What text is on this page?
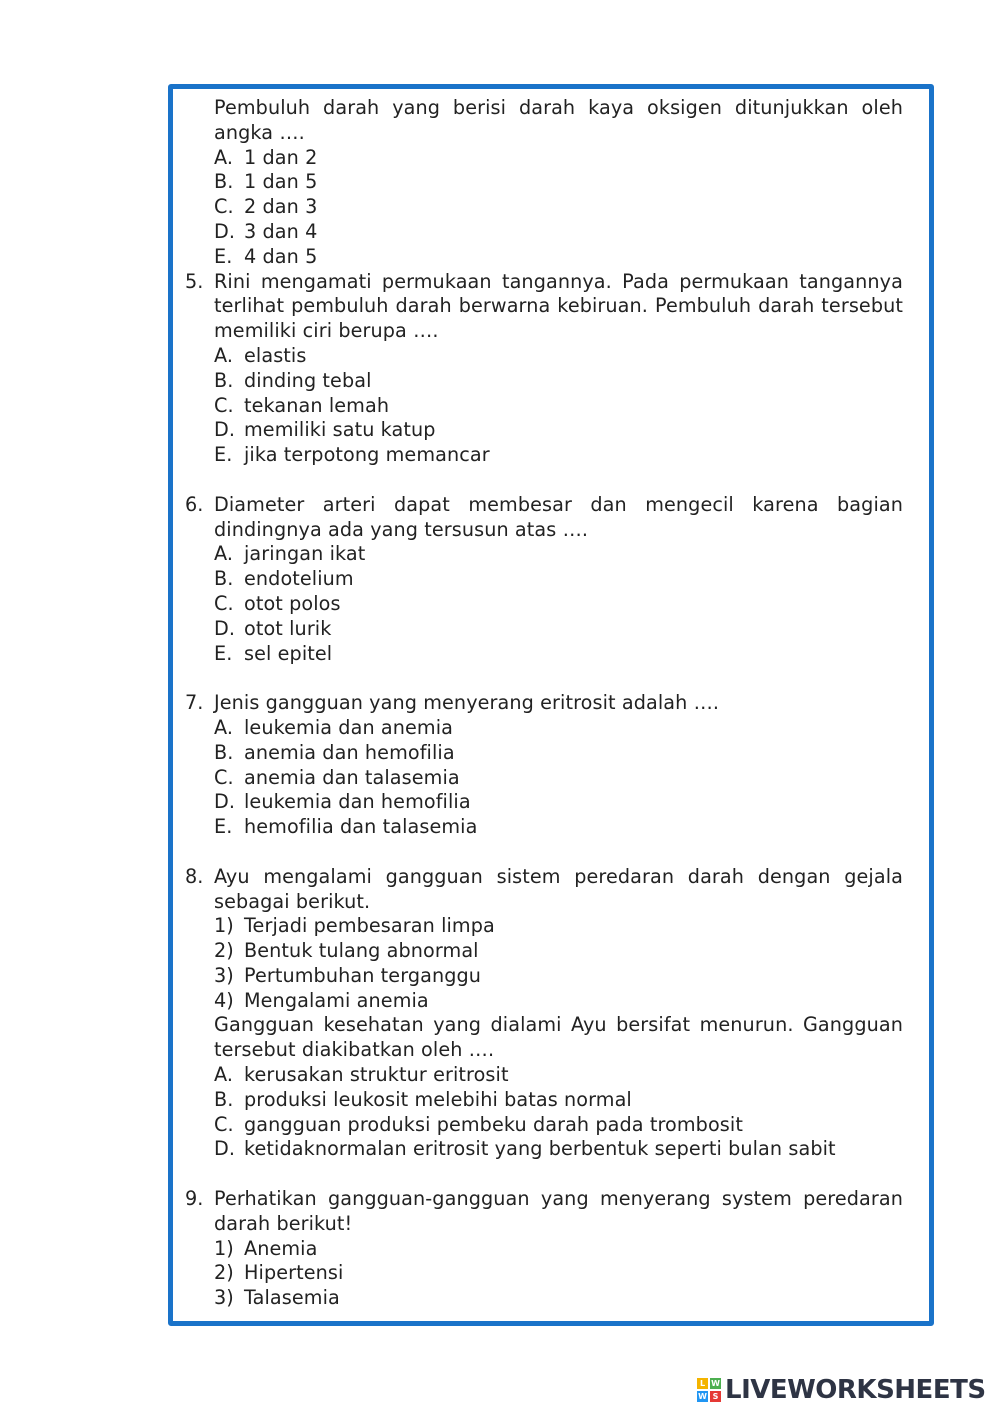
Pembuluh darah yang berisi darah kaya oksigen ditunjukkan oleh
angka ….
A. 1 dan 2
B. 1 dan 5
C. 2 dan 3
D. 3 dan 4
E. 4 dan 5
5. Rini mengamati permukaan tangannya. Pada permukaan tangannya
terlihat pembuluh darah berwarna kebiruan. Pembuluh darah tersebut
memiliki ciri berupa ….
A. elastis
B. dinding tebal
C. tekanan lemah
D. memiliki satu katup
E. jika terpotong memancar
6. Diameter arteri dapat membesar dan mengecil karena bagian
dindingnya ada yang tersusun atas ….
A. jaringan ikat
B. endotelium
C. otot polos
D. otot lurik
E. sel epitel
7. Jenis gangguan yang menyerang eritrosit adalah ….
A. leukemia dan anemia
B. anemia dan hemofilia
C. anemia dan talasemia
D. leukemia dan hemofilia
E. hemofilia dan talasemia
8. Ayu mengalami gangguan sistem peredaran darah dengan gejala
sebagai berikut.
1) Terjadi pembesaran limpa
2) Bentuk tulang abnormal
3) Pertumbuhan terganggu
4) Mengalami anemia
Gangguan kesehatan yang dialami Ayu bersifat menurun. Gangguan
tersebut diakibatkan oleh ….
A. kerusakan struktur eritrosit
B. produksi leukosit melebihi batas normal
C. gangguan produksi pembeku darah pada trombosit
D. ketidaknormalan eritrosit yang berbentuk seperti bulan sabit
9. Perhatikan gangguan-gangguan yang menyerang system peredaran
darah berikut!
1) Anemia
2) Hipertensi
3) Talasemia
L W
W S LIVEWORKSHEETS
